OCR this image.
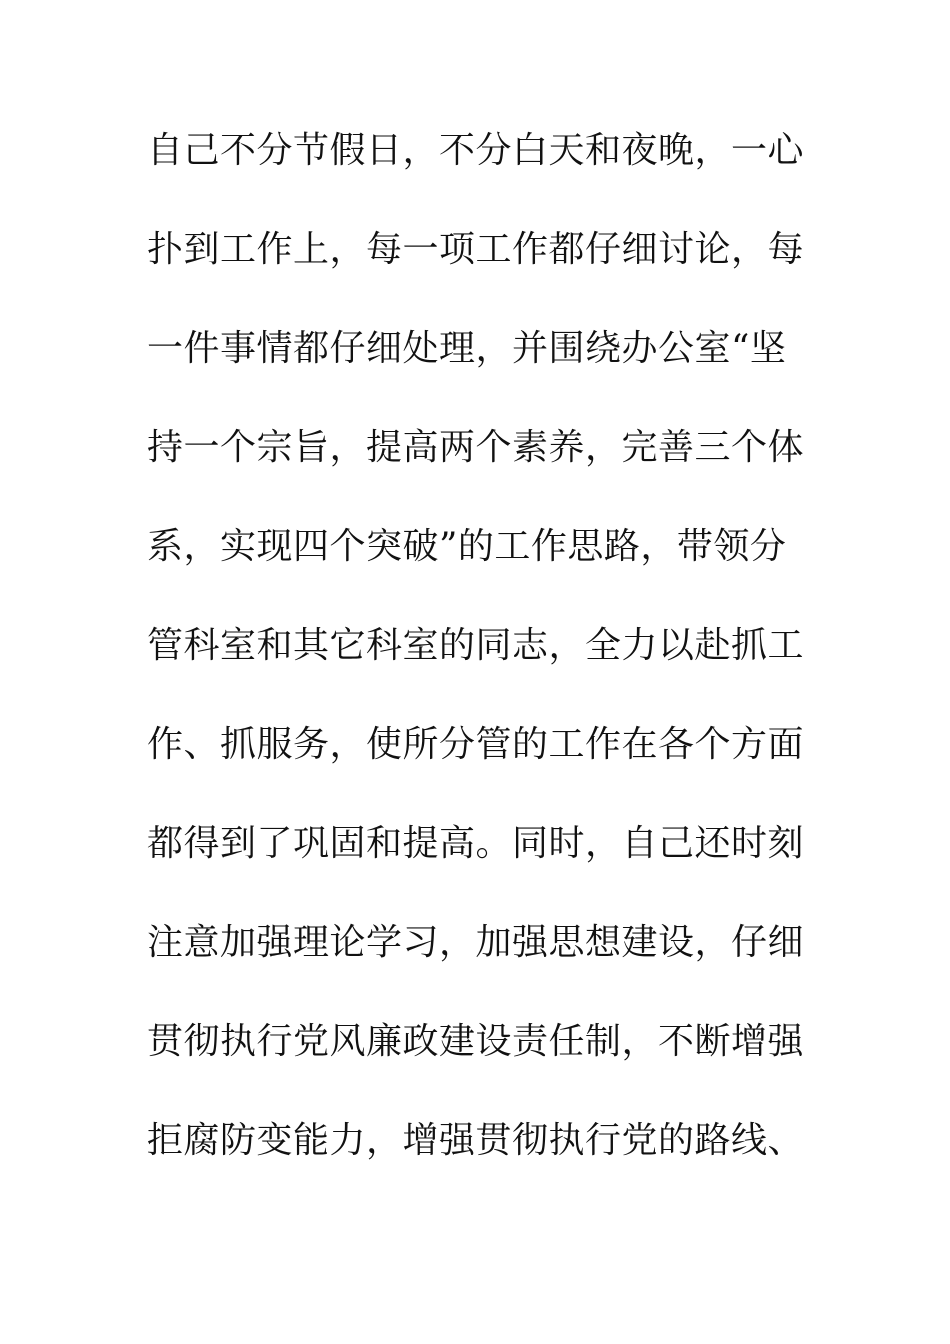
自己不分节假日，不分白天和夜晚，一心
扑到工作上，每一项工作都仔细讨论，每
一件事情都仔细处理，并围绕办公室“坚
持一个宗旨，提高两个素养，完善三个体
系，实现四个突破”的工作思路，带领分
管科室和其它科室的同志，全力以赴抓工
作、抓服务，使所分管的工作在各个方面
都得到了巩固和提高。同时，自己还时刻
注意加强理论学习，加强思想建设，仔细
贯彻执行党风廉政建设责任制，不断增强
拒腐防变能力，增强贯彻执行党的路线、
